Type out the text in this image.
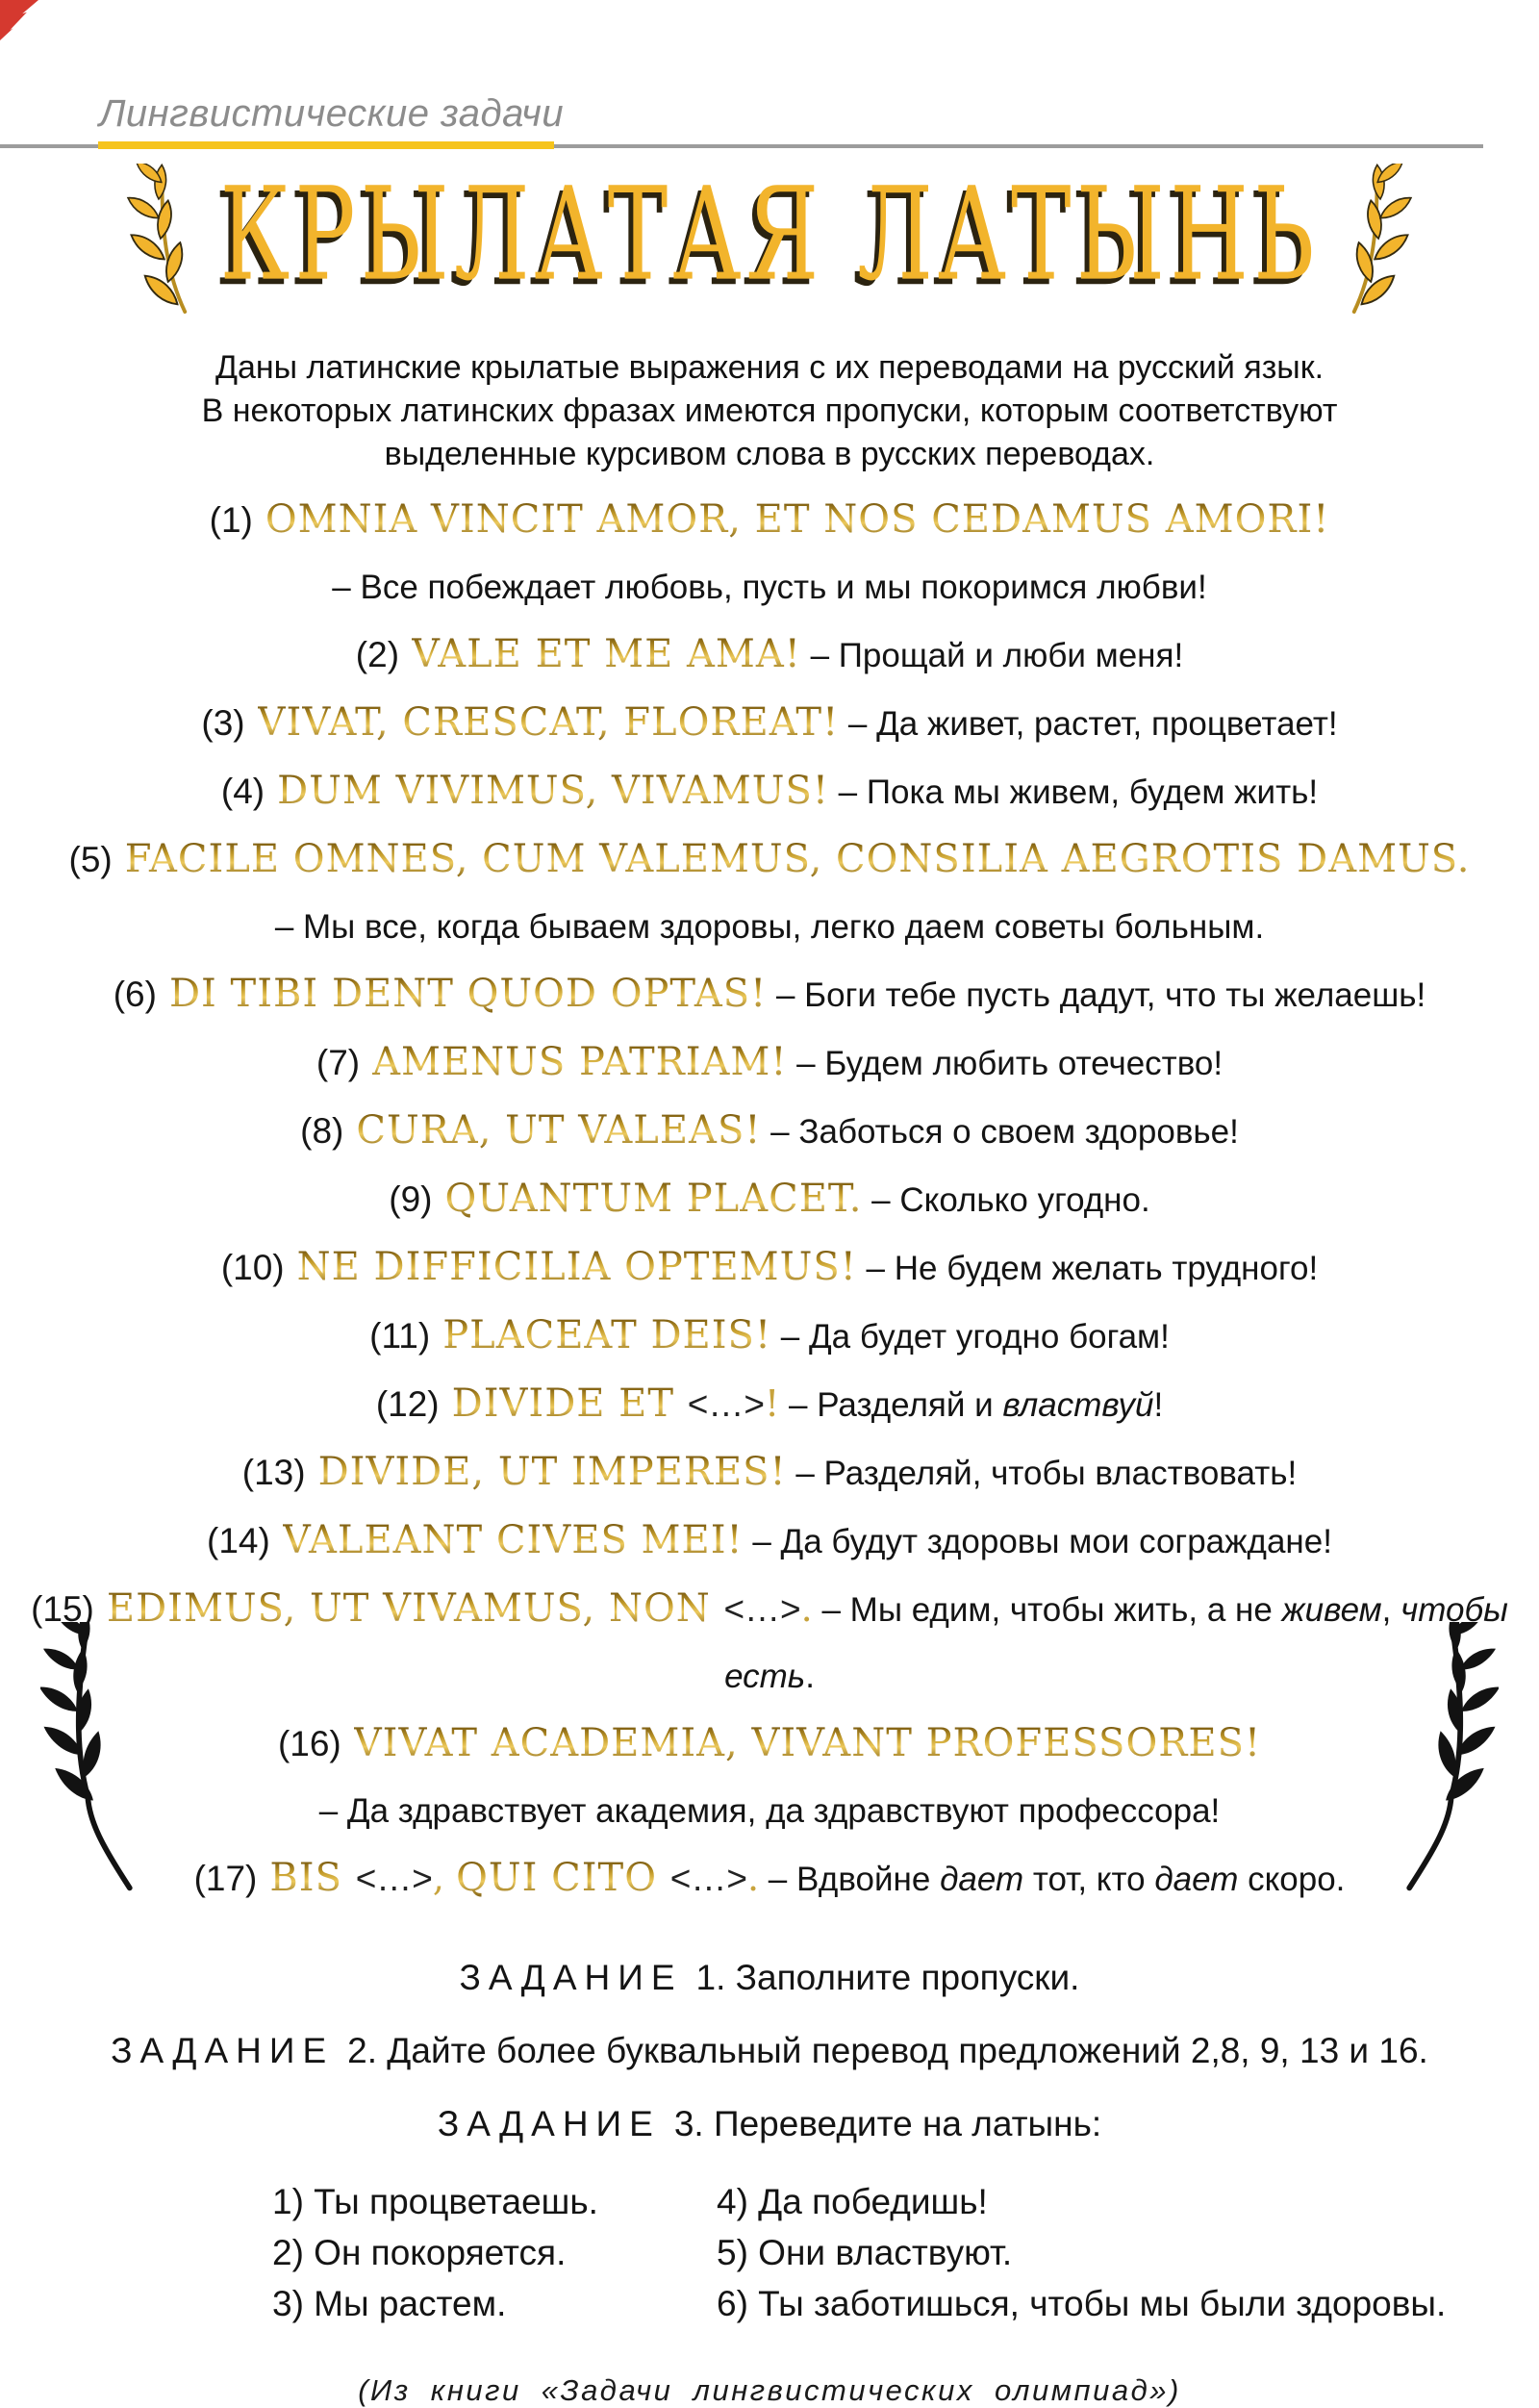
Лингвистические задачи
КРЫЛАТАЯ ЛАТЫНЬ
Даны латинские крылатые выражения с их переводами на русский язык.
В некоторых латинских фразах имеются пропуски, которым соответствуют
выделенные курсивом слова в русских переводах.
(1) OMNIA VINCIT AMOR, ET NOS CEDAMUS AMORI!
– Все побеждает любовь, пусть и мы покоримся любви!
(2) VALE ET ME AMA! – Прощай и люби меня!
(3) VIVAT, CRESCAT, FLOREAT! – Да живет, растет, процветает!
(4) DUM VIVIMUS, VIVAMUS! – Пока мы живем, будем жить!
(5) FACILE OMNES, CUM VALEMUS, CONSILIA AEGROTIS DAMUS.
– Мы все, когда бываем здоровы, легко даем советы больным.
(6) DI TIBI DENT QUOD OPTAS! – Боги тебе пусть дадут, что ты желаешь!
(7) AMENUS PATRIAM! – Будем любить отечество!
(8) CURA, UT VALEAS! – Заботься о своем здоровье!
(9) QUANTUM PLACET. – Сколько угодно.
(10) NE DIFFICILIA OPTEMUS! – Не будем желать трудного!
(11) PLACEAT DEIS! – Да будет угодно богам!
(12) DIVIDE ET <…>! – Разделяй и властвуй!
(13) DIVIDE, UT IMPERES! – Разделяй, чтобы властвовать!
(14) VALEANT CIVES MEI! – Да будут здоровы мои сограждане!
(15) EDIMUS, UT VIVAMUS, NON <…>. – Мы едим, чтобы жить, а не живем, чтобы есть.
(16) VIVAT ACADEMIA, VIVANT PROFESSORES!
– Да здравствует академия, да здравствуют профессора!
(17) BIS <…>, QUI CITO <…>. – Вдвойне дает тот, кто дает скоро.
ЗАДАНИЕ 1. Заполните пропуски.
ЗАДАНИЕ 2. Дайте более буквальный перевод предложений 2,8, 9, 13 и 16.
ЗАДАНИЕ 3. Переведите на латынь:
1) Ты процветаешь.
2) Он покоряется.
3) Мы растем.
4) Да победишь!
5) Они властвуют.
6) Ты заботишься, чтобы мы были здоровы.
(Из книги «Задачи лингвистических олимпиад»)
